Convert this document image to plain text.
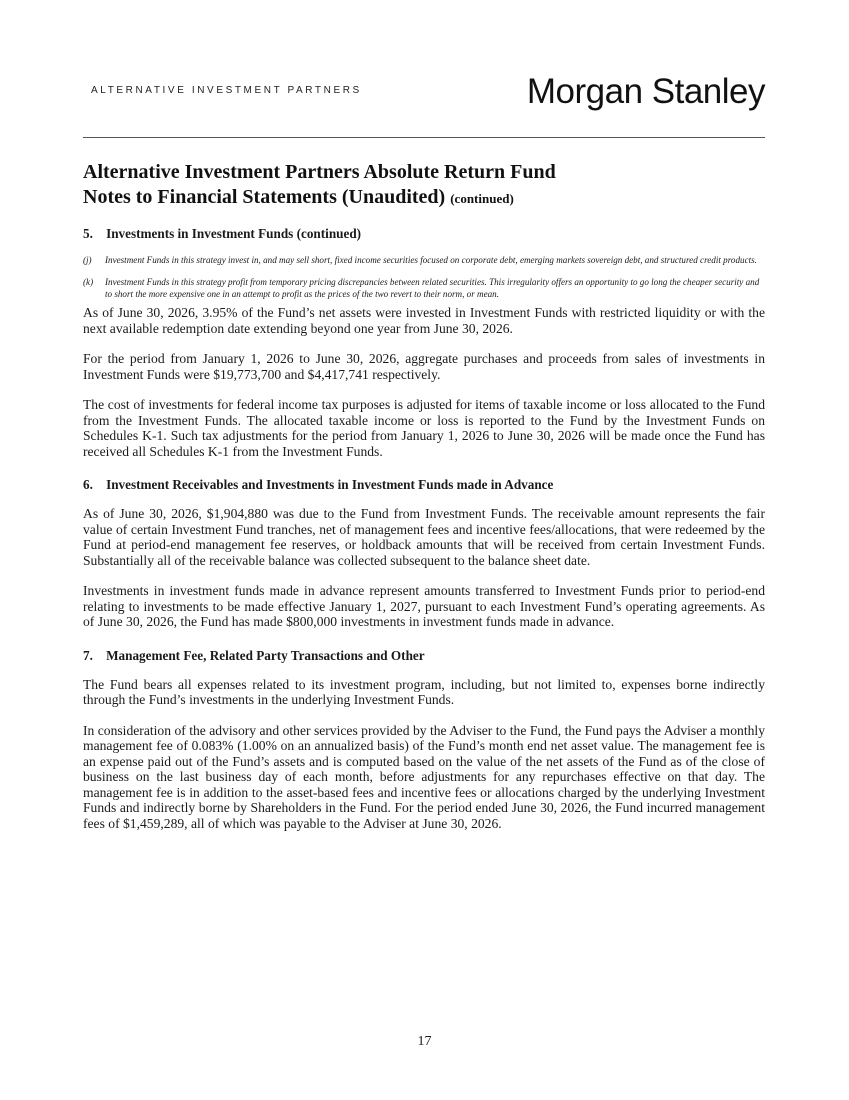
ALTERNATIVE INVESTMENT PARTNERS	Morgan Stanley
Alternative Investment Partners Absolute Return Fund
Notes to Financial Statements (Unaudited) (continued)
5. Investments in Investment Funds (continued)
(j)	Investment Funds in this strategy invest in, and may sell short, fixed income securities focused on corporate debt, emerging markets sovereign debt, and structured credit products.
(k)	Investment Funds in this strategy profit from temporary pricing discrepancies between related securities. This irregularity offers an opportunity to go long the cheaper security and to short the more expensive one in an attempt to profit as the prices of the two revert to their norm, or mean.

As of June 30, 2026, 3.95% of the Fund’s net assets were invested in Investment Funds with restricted liquidity or with the next available redemption date extending beyond one year from June 30, 2026.

For the period from January 1, 2026 to June 30, 2026, aggregate purchases and proceeds from sales of investments in Investment Funds were $19,773,700 and $4,417,741 respectively.

The cost of investments for federal income tax purposes is adjusted for items of taxable income or loss allocated to the Fund from the Investment Funds. The allocated taxable income or loss is reported to the Fund by the Investment Funds on Schedules K-1. Such tax adjustments for the period from January 1, 2026 to June 30, 2026 will be made once the Fund has received all Schedules K-1 from the Investment Funds.

6. Investment Receivables and Investments in Investment Funds made in Advance

As of June 30, 2026, $1,904,880 was due to the Fund from Investment Funds. The receivable amount represents the fair value of certain Investment Fund tranches, net of management fees and incentive fees/allocations, that were redeemed by the Fund at period-end management fee reserves, or holdback amounts that will be received from certain Investment Funds. Substantially all of the receivable balance was collected subsequent to the balance sheet date.

Investments in investment funds made in advance represent amounts transferred to Investment Funds prior to period-end relating to investments to be made effective January 1, 2027, pursuant to each Investment Fund’s operating agreements. As of June 30, 2026, the Fund has made $800,000 investments in investment funds made in advance.

7. Management Fee, Related Party Transactions and Other

The Fund bears all expenses related to its investment program, including, but not limited to, expenses borne indirectly through the Fund’s investments in the underlying Investment Funds.

In consideration of the advisory and other services provided by the Adviser to the Fund, the Fund pays the Adviser a monthly management fee of 0.083% (1.00% on an annualized basis) of the Fund’s month end net asset value. The management fee is an expense paid out of the Fund’s assets and is computed based on the value of the net assets of the Fund as of the close of business on the last business day of each month, before adjustments for any repurchases effective on that day. The management fee is in addition to the asset-based fees and incentive fees or allocations charged by the underlying Investment Funds and indirectly borne by Shareholders in the Fund. For the period ended June 30, 2026, the Fund incurred management fees of $1,459,289, all of which was payable to the Adviser at June 30, 2026.

17
